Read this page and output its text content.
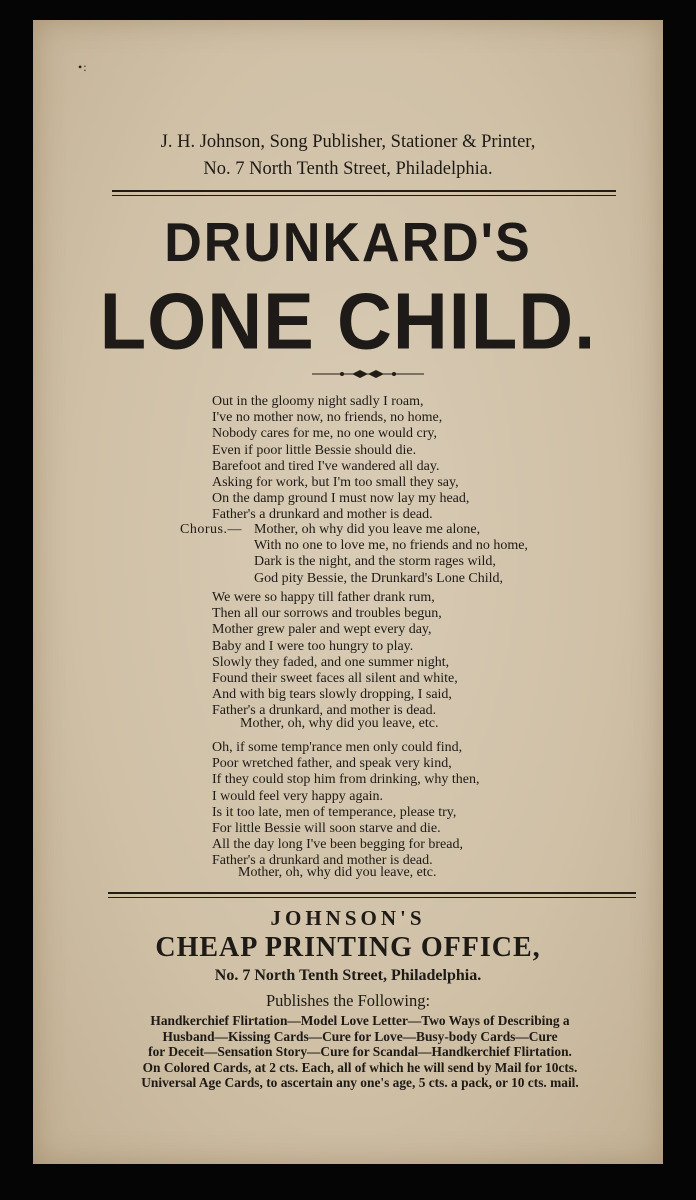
•:
J. H. Johnson, Song Publisher, Stationer & Printer,
No. 7 North Tenth Street, Philadelphia.
DRUNKARD'S
LONE CHILD.
Out in the gloomy night sadly I roam,
I've no mother now, no friends, no home,
Nobody cares for me, no one would cry,
Even if poor little Bessie should die.
Barefoot and tired I've wandered all day.
Asking for work, but I'm too small they say,
On the damp ground I must now lay my head,
Father's a drunkard and mother is dead.
Chorus.— Mother, oh why did you leave me alone,
With no one to love me, no friends and no home,
Dark is the night, and the storm rages wild,
God pity Bessie, the Drunkard's Lone Child,
We were so happy till father drank rum,
Then all our sorrows and troubles begun,
Mother grew paler and wept every day,
Baby and I were too hungry to play.
Slowly they faded, and one summer night,
Found their sweet faces all silent and white,
And with big tears slowly dropping, I said,
Father's a drunkard, and mother is dead.
Mother, oh, why did you leave, etc.
Oh, if some temp'rance men only could find,
Poor wretched father, and speak very kind,
If they could stop him from drinking, why then,
I would feel very happy again.
Is it too late, men of temperance, please try,
For little Bessie will soon starve and die.
All the day long I've been begging for bread,
Father's a drunkard and mother is dead.
Mother, oh, why did you leave, etc.
JOHNSON'S
CHEAP PRINTING OFFICE,
No. 7 North Tenth Street, Philadelphia.
Publishes the Following:
Handkerchief Flirtation—Model Love Letter—Two Ways of Describing a
Husband—Kissing Cards—Cure for Love—Busy-body Cards—Cure
for Deceit—Sensation Story—Cure for Scandal—Handkerchief Flirtation.
On Colored Cards, at 2 cts. Each, all of which he will send by Mail for 10cts.
Universal Age Cards, to ascertain any one's age, 5 cts. a pack, or 10 cts. mail.
